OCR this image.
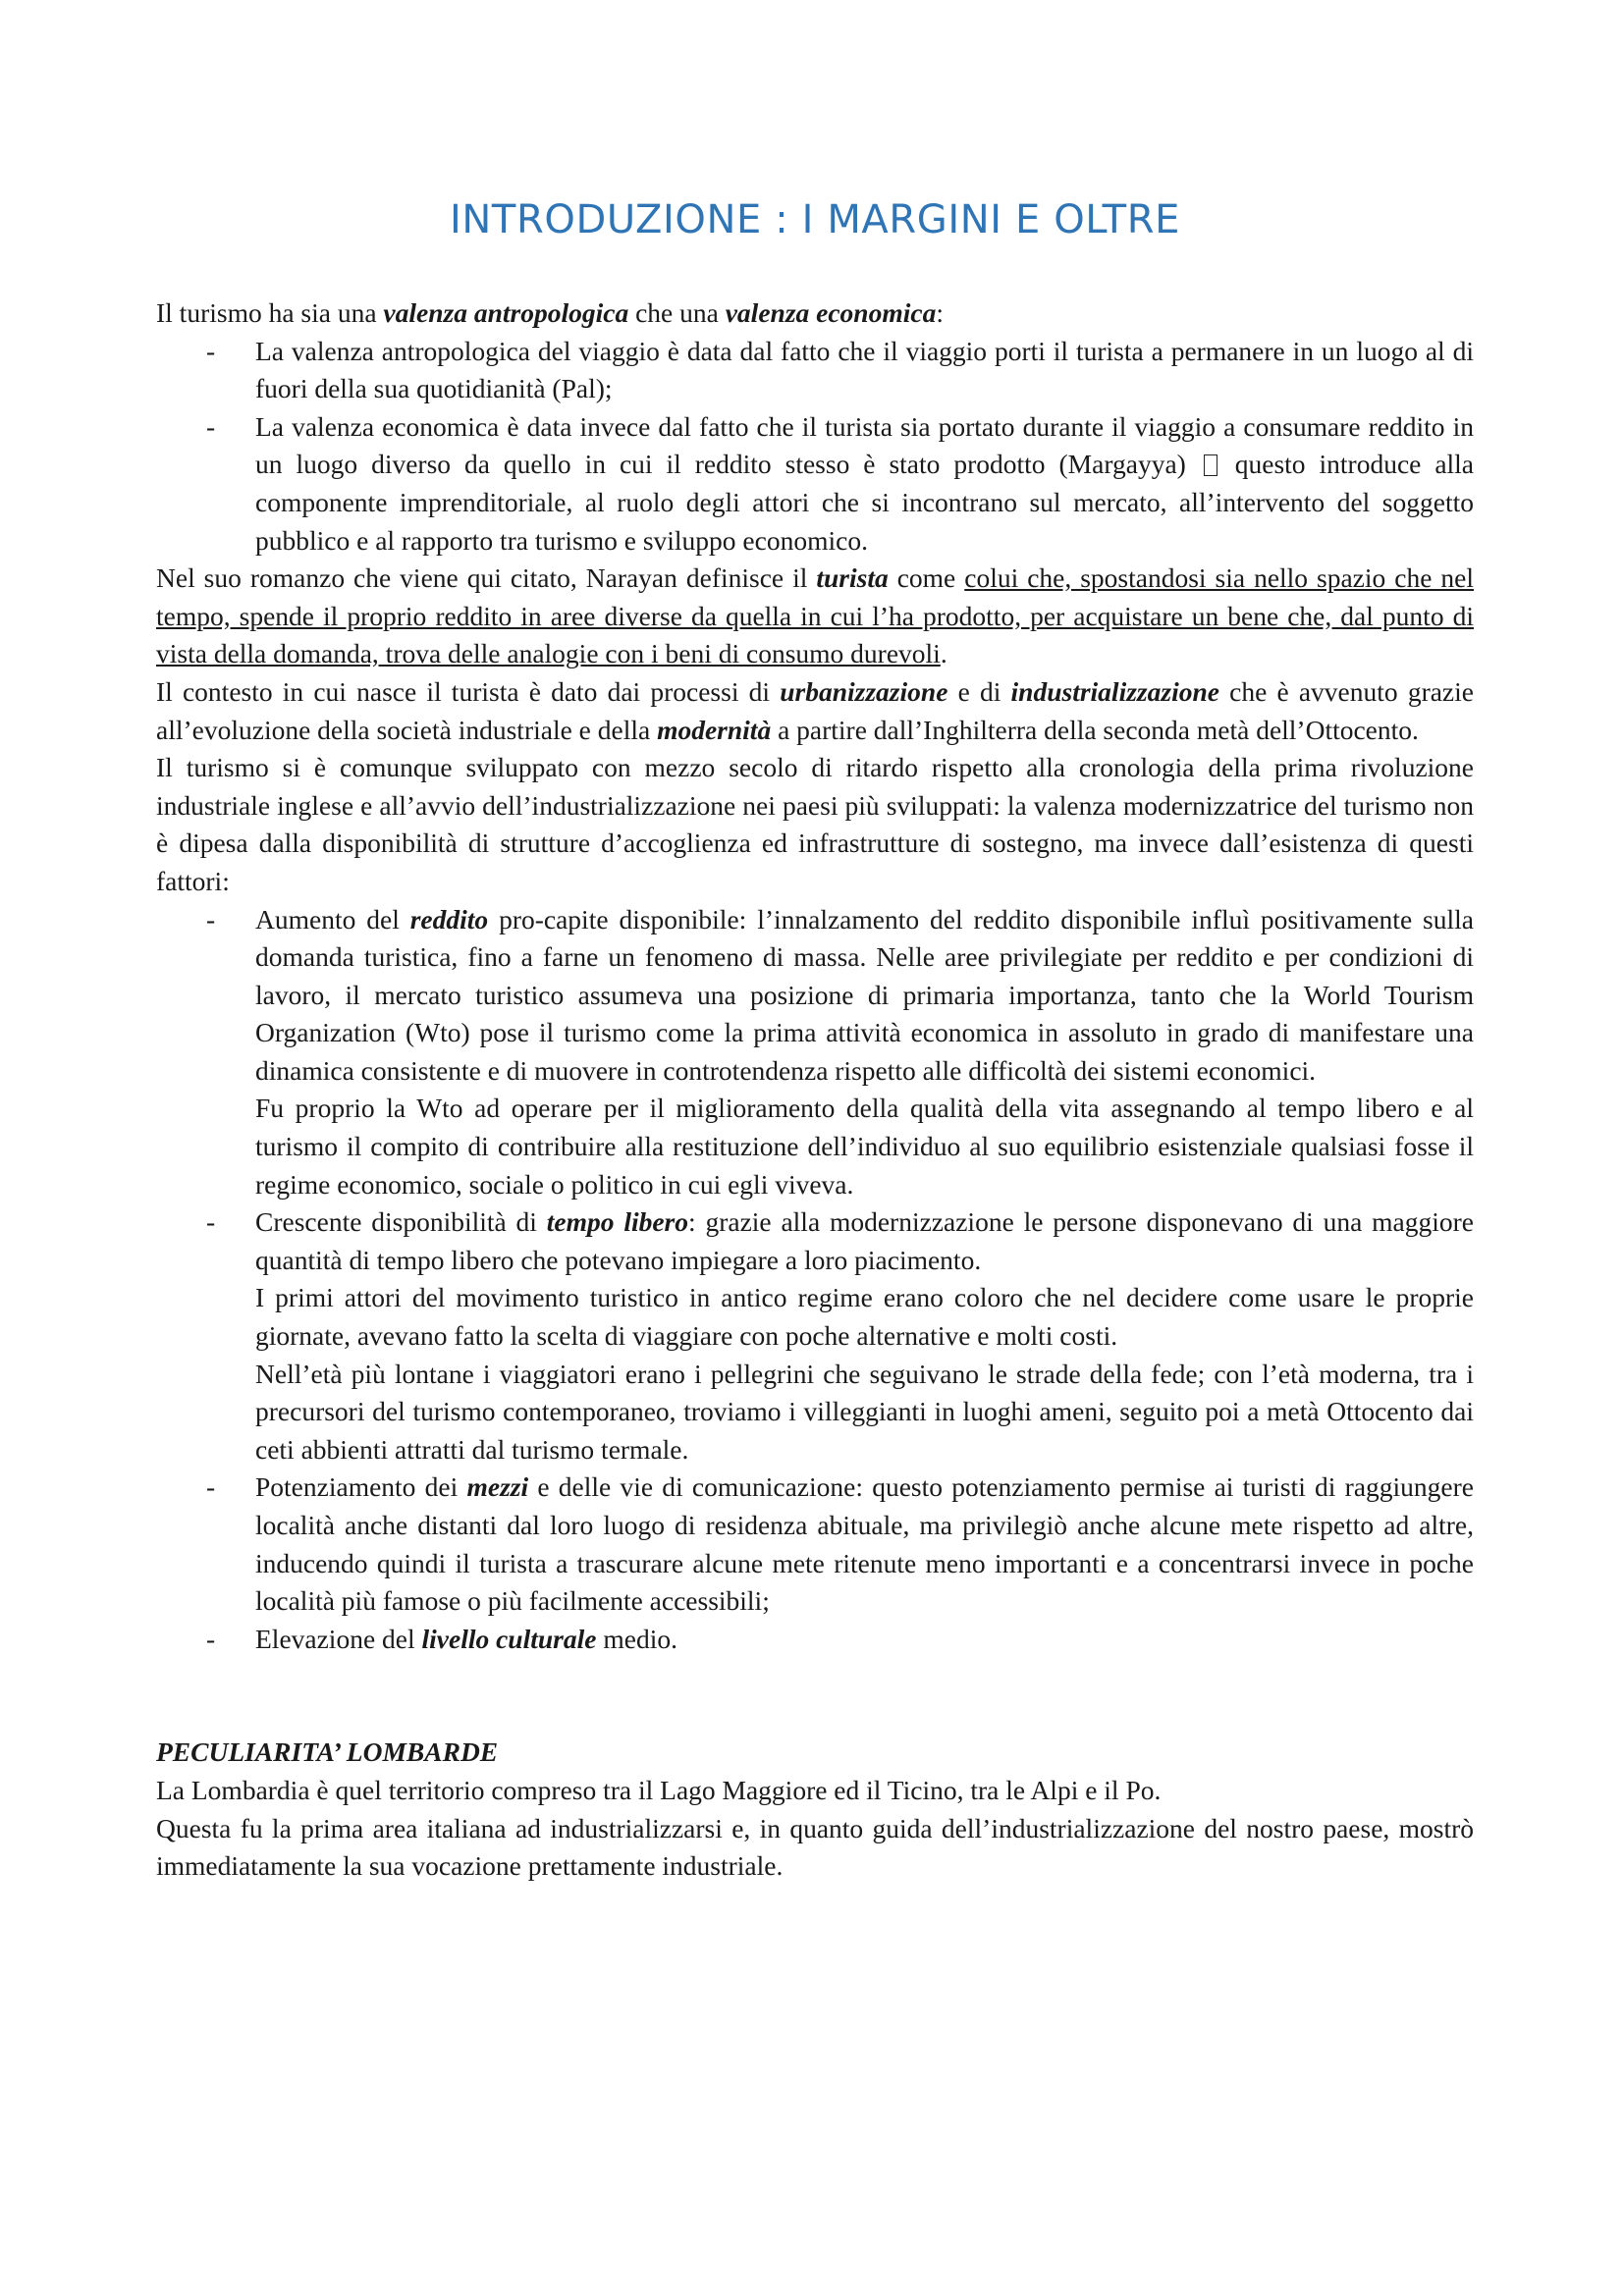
INTRODUZIONE : I MARGINI E OLTRE

Il turismo ha sia una valenza antropologica che una valenza economica:

- La valenza antropologica del viaggio è data dal fatto che il viaggio porti il turista a permanere in un luogo al di fuori della sua quotidianità (Pal);
- La valenza economica è data invece dal fatto che il turista sia portato durante il viaggio a consumare reddito in un luogo diverso da quello in cui il reddito stesso è stato prodotto (Margayya)  questo introduce alla componente imprenditoriale, al ruolo degli attori che si incontrano sul mercato, all’intervento del soggetto pubblico e al rapporto tra turismo e sviluppo economico.

Nel suo romanzo che viene qui citato, Narayan definisce il turista come colui che, spostandosi sia nello spazio che nel tempo, spende il proprio reddito in aree diverse da quella in cui l’ha prodotto, per acquistare un bene che, dal punto di vista della domanda, trova delle analogie con i beni di consumo durevoli.

Il contesto in cui nasce il turista è dato dai processi di urbanizzazione e di industrializzazione che è avvenuto grazie all’evoluzione della società industriale e della modernità a partire dall’Inghilterra della seconda metà dell’Ottocento.

Il turismo si è comunque sviluppato con mezzo secolo di ritardo rispetto alla cronologia della prima rivoluzione industriale inglese e all’avvio dell’industrializzazione nei paesi più sviluppati: la valenza modernizzatrice del turismo non è dipesa dalla disponibilità di strutture d’accoglienza ed infrastrutture di sostegno, ma invece dall’esistenza di questi fattori:

- Aumento del reddito pro-capite disponibile: l’innalzamento del reddito disponibile influì positivamente sulla domanda turistica, fino a farne un fenomeno di massa. Nelle aree privilegiate per reddito e per condizioni di lavoro, il mercato turistico assumeva una posizione di primaria importanza, tanto che la World Tourism Organization (Wto) pose il turismo come la prima attività economica in assoluto in grado di manifestare una dinamica consistente e di muovere in controtendenza rispetto alle difficoltà dei sistemi economici.

Fu proprio la Wto ad operare per il miglioramento della qualità della vita assegnando al tempo libero e al turismo il compito di contribuire alla restituzione dell’individuo al suo equilibrio esistenziale qualsiasi fosse il regime economico, sociale o politico in cui egli viveva.

- Crescente disponibilità di tempo libero: grazie alla modernizzazione le persone disponevano di una maggiore quantità di tempo libero che potevano impiegare a loro piacimento.

I primi attori del movimento turistico in antico regime erano coloro che nel decidere come usare le proprie giornate, avevano fatto la scelta di viaggiare con poche alternative e molti costi.

Nell’età più lontane i viaggiatori erano i pellegrini che seguivano le strade della fede; con l’età moderna, tra i precursori del turismo contemporaneo, troviamo i villeggianti in luoghi ameni, seguito poi a metà Ottocento dai ceti abbienti attratti dal turismo termale.

- Potenziamento dei mezzi e delle vie di comunicazione: questo potenziamento permise ai turisti di raggiungere località anche distanti dal loro luogo di residenza abituale, ma privilegiò anche alcune mete rispetto ad altre, inducendo quindi il turista a trascurare alcune mete ritenute meno importanti e a concentrarsi invece in poche località più famose o più facilmente accessibili;

- Elevazione del livello culturale medio.

PECULIARITA’ LOMBARDE

La Lombardia è quel territorio compreso tra il Lago Maggiore ed il Ticino, tra le Alpi e il Po.

Questa fu la prima area italiana ad industrializzarsi e, in quanto guida dell’industrializzazione del nostro paese, mostrò immediatamente la sua vocazione prettamente industriale.
